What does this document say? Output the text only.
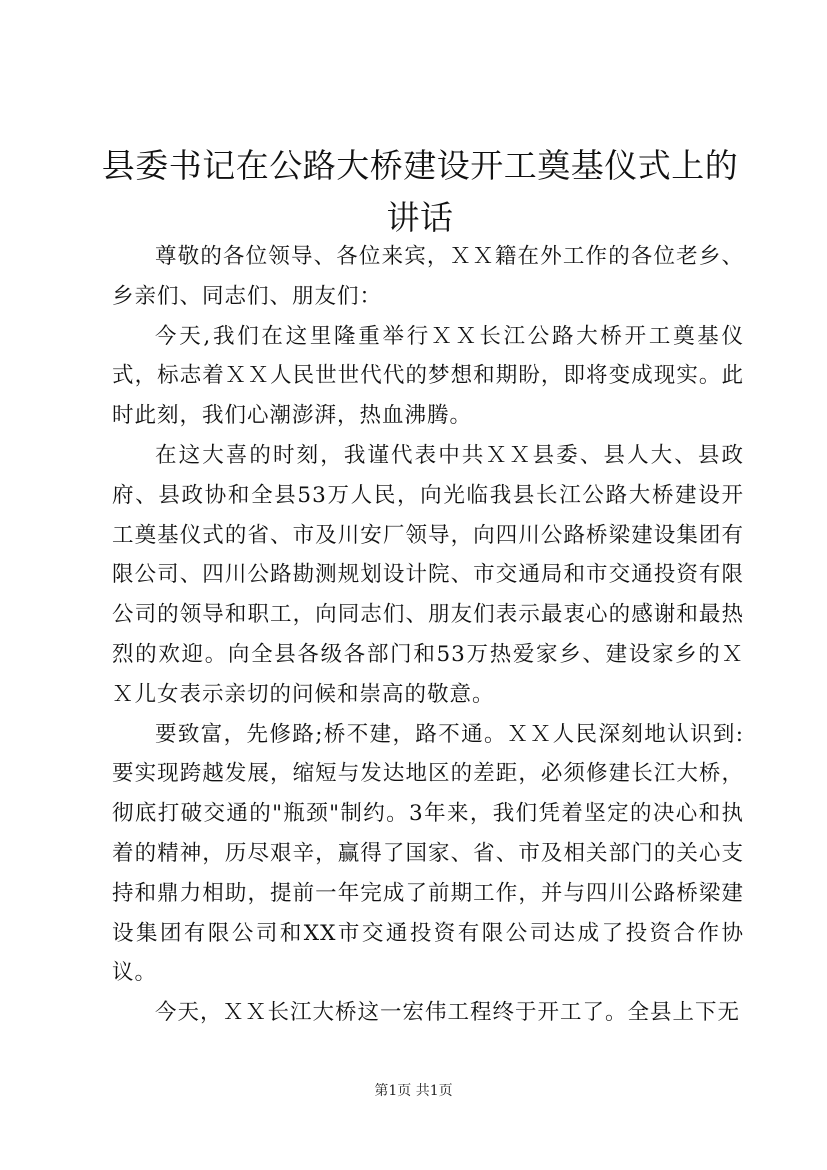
县委书记在公路大桥建设开工奠基仪式上的讲话

尊敬的各位领导、各位来宾，ＸＸ籍在外工作的各位老乡、乡亲们、同志们、朋友们：

今天,我们在这里隆重举行ＸＸ长江公路大桥开工奠基仪式，标志着ＸＸ人民世世代代的梦想和期盼，即将变成现实。此时此刻，我们心潮澎湃，热血沸腾。

在这大喜的时刻，我谨代表中共ＸＸ县委、县人大、县政府、县政协和全县53万人民，向光临我县长江公路大桥建设开工奠基仪式的省、市及川安厂领导，向四川公路桥梁建设集团有限公司、四川公路勘测规划设计院、市交通局和市交通投资有限公司的领导和职工，向同志们、朋友们表示最衷心的感谢和最热烈的欢迎。向全县各级各部门和53万热爱家乡、建设家乡的ＸＸ儿女表示亲切的问候和崇高的敬意。

要致富，先修路;桥不建，路不通。ＸＸ人民深刻地认识到:要实现跨越发展，缩短与发达地区的差距，必须修建长江大桥，彻底打破交通的"瓶颈"制约。3年来，我们凭着坚定的决心和执着的精神，历尽艰辛，赢得了国家、省、市及相关部门的关心支持和鼎力相助，提前一年完成了前期工作，并与四川公路桥梁建设集团有限公司和XX市交通投资有限公司达成了投资合作协议。

今天，ＸＸ长江大桥这一宏伟工程终于开工了。全县上下无

第1页 共1页
